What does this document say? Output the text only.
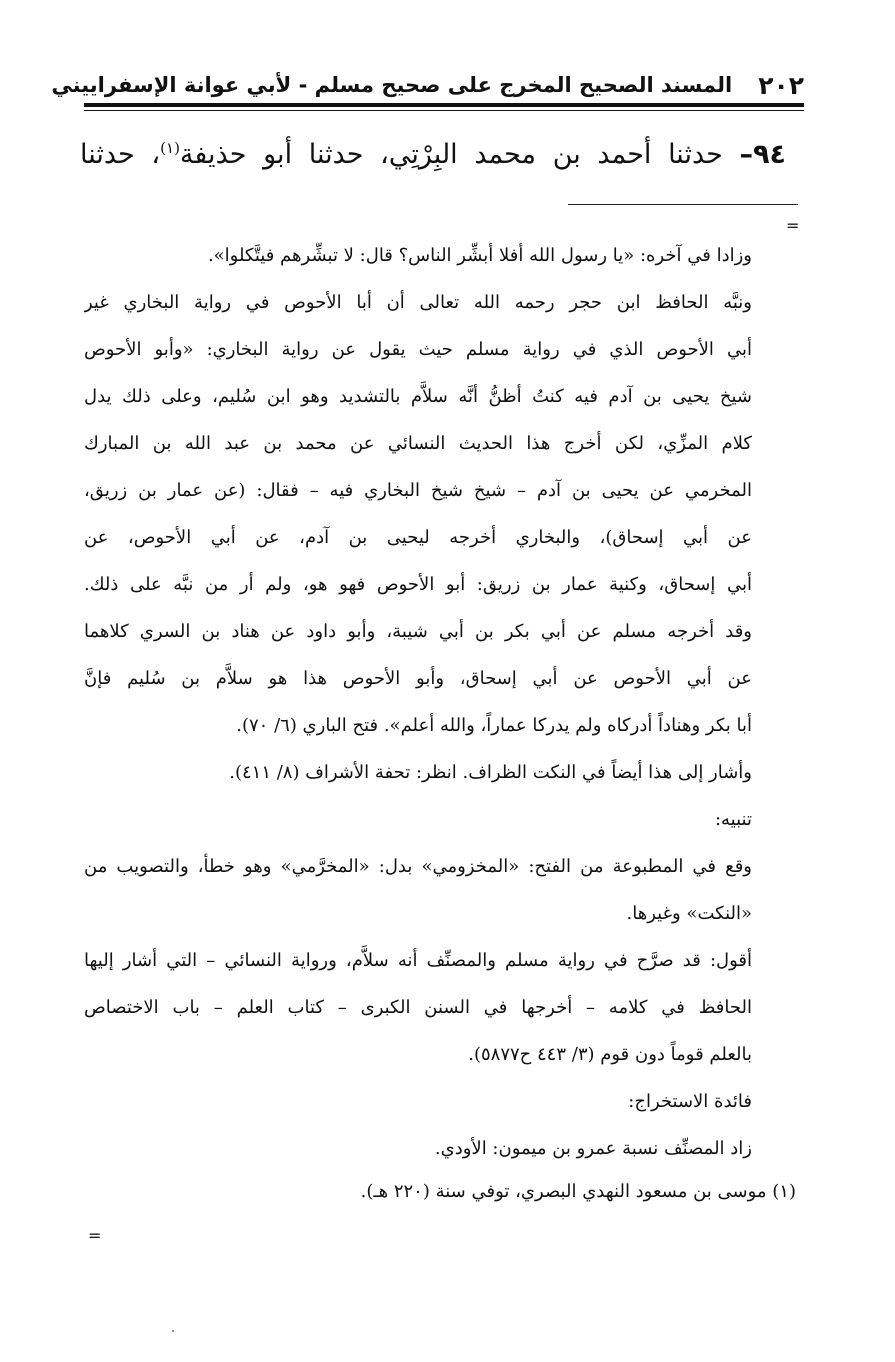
٢٠٢
المسند الصحيح المخرج على صحيح مسلم - لأبي عوانة الإسفراييني
٩٤– حدثنا أحمد بن محمد البِرْتِي، حدثنا أبو حذيفة$^{(١)}$، حدثنا
=
وزادا في آخره: «يا رسول الله أفلا أبشِّر الناس؟ قال: لا تبشِّرهم فيتَّكلوا».
ونبَّه الحافظ ابن حجر رحمه الله تعالى أن أبا الأحوص في رواية البخاري غير
أبي الأحوص الذي في رواية مسلم حيث يقول عن رواية البخاري: «وأبو الأحوص
شيخ يحيى بن آدم فيه كنتُ أظنُّ أنَّه سلاَّم بالتشديد وهو ابن سُليم، وعلى ذلك يدل
كلام المزِّي، لكن أخرج هذا الحديث النسائي عن محمد بن عبد الله بن المبارك
المخرمي عن يحيى بن آدم – شيخ شيخ البخاري فيه – فقال: (عن عمار بن زريق،
عن أبي إسحاق)، والبخاري أخرجه ليحيى بن آدم، عن أبي الأحوص، عن
أبي إسحاق، وكنية عمار بن زريق: أبو الأحوص فهو هو، ولم أر من نبَّه على ذلك.
وقد أخرجه مسلم عن أبي بكر بن أبي شيبة، وأبو داود عن هناد بن السري كلاهما
عن أبي الأحوص عن أبي إسحاق، وأبو الأحوص هذا هو سلاَّم بن سُليم فإنَّ
أبا بكر وهناداً أدركاه ولم يدركا عماراً، والله أعلم». فتح الباري (٦/ ٧٠).
وأشار إلى هذا أيضاً في النكت الظراف. انظر: تحفة الأشراف (٨/ ٤١١).
تنبيه:
وقع في المطبوعة من الفتح: «المخزومي» بدل: «المخرَّمي» وهو خطأ، والتصويب من
«النكت» وغيرها.
أقول: قد صرَّح في رواية مسلم والمصنِّف أنه سلاَّم، ورواية النسائي – التي أشار إليها
الحافظ في كلامه – أخرجها في السنن الكبرى – كتاب العلم – باب الاختصاص
بالعلم قوماً دون قوم (٣/ ٤٤٣ ح٥٨٧٧).
فائدة الاستخراج:
زاد المصنِّف نسبة عمرو بن ميمون: الأودي.
(١) موسى بن مسعود النهدي البصري، توفي سنة (٢٢٠ هـ).
=
